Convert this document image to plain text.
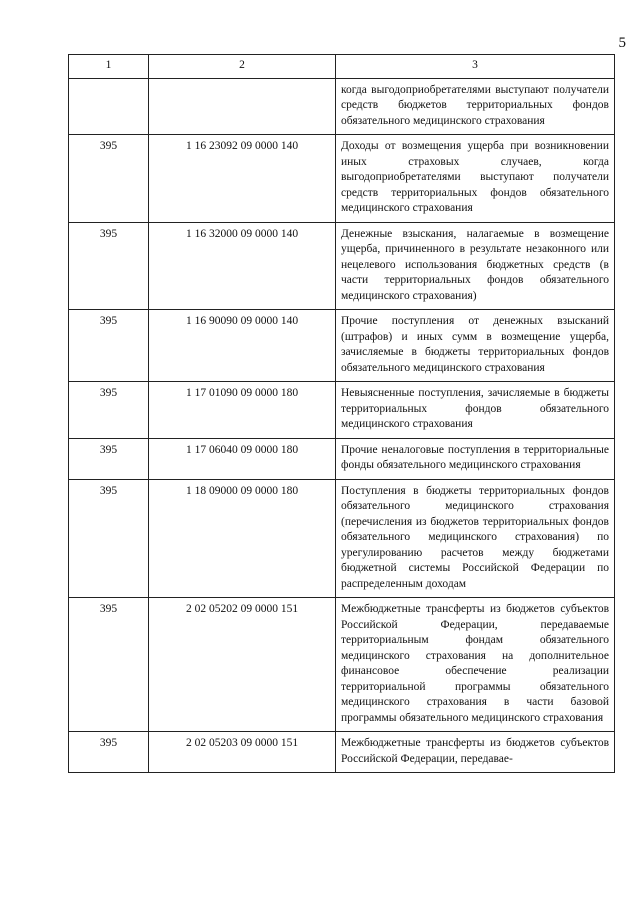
5
1	2	3
		когда выгодоприобретателями выступают получатели средств бюджетов территориальных фондов обязательного медицинского страхования
395	1 16 23092 09 0000 140	Доходы от возмещения ущерба при возникновении иных страховых случаев, когда выгодоприобретателями выступают получатели средств территориальных фондов обязательного медицинского страхования
395	1 16 32000 09 0000 140	Денежные взыскания, налагаемые в возмещение ущерба, причиненного в результате незаконного или нецелевого использования бюджетных средств (в части территориальных фондов обязательного медицинского страхования)
395	1 16 90090 09 0000 140	Прочие поступления от денежных взысканий (штрафов) и иных сумм в возмещение ущерба, зачисляемые в бюджеты территориальных фондов обязательного медицинского страхования
395	1 17 01090 09 0000 180	Невыясненные поступления, зачисляемые в бюджеты территориальных фондов обязательного медицинского страхования
395	1 17 06040 09 0000 180	Прочие неналоговые поступления в территориальные фонды обязательного медицинского страхования
395	1 18 09000 09 0000 180	Поступления в бюджеты территориальных фондов обязательного медицинского страхования (перечисления из бюджетов территориальных фондов обязательного медицинского страхования) по урегулированию расчетов между бюджетами бюджетной системы Российской Федерации по распределенным доходам
395	2 02 05202 09 0000 151	Межбюджетные трансферты из бюджетов субъектов Российской Федерации, передаваемые территориальным фондам обязательного медицинского страхования на дополнительное финансовое обеспечение реализации территориальной программы обязательного медицинского страхования в части базовой программы обязательного медицинского страхования
395	2 02 05203 09 0000 151	Межбюджетные трансферты из бюджетов субъектов Российской Федерации, передавае-
